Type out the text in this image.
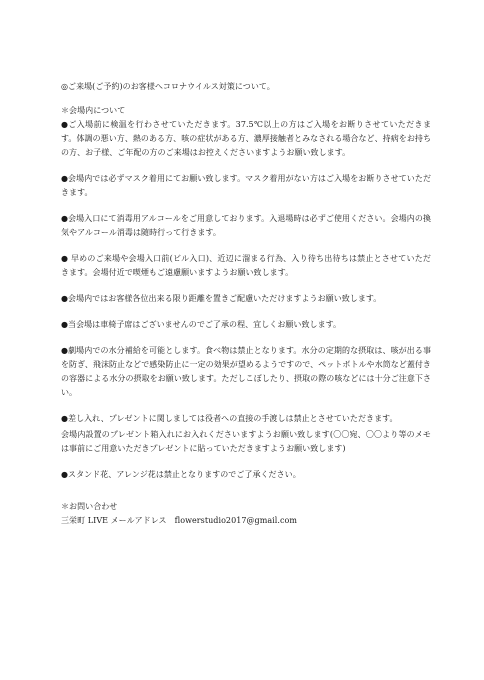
◎ご来場(ご予約)のお客様へコロナウイルス対策について。

＊会場内について

●ご入場前に検温を行わさせていただきます。37.5℃以上の方はご入場をお断りさせていただきます。体調の悪い方、熱のある方、咳の症状がある方、濃厚接触者とみなされる場合など、持病をお持ちの方、お子様、ご年配の方のご来場はお控えくださいますようお願い致します。

●会場内では必ずマスク着用にてお願い致します。マスク着用がない方はご入場をお断りさせていただきます。

●会場入口にて消毒用アルコールをご用意しております。入退場時は必ずご使用ください。会場内の換気やアルコール消毒は随時行って行きます。

● 早めのご来場や会場入口前(ビル入口)、近辺に溜まる行為、入り待ち出待ちは禁止とさせていただきます。会場付近で喫煙もご遠慮願いますようお願い致します。

●会場内ではお客様各位出来る限り距離を置きご配慮いただけますようお願い致します。

●当会場は車椅子席はございませんのでご了承の程、宜しくお願い致します。

●劇場内での水分補給を可能とします。食べ物は禁止となります。水分の定期的な摂取は、咳が出る事を防ぎ、飛沫防止などで感染防止に一定の効果が望めるようですので、ペットボトルや水筒など蓋付きの容器による水分の摂取をお願い致します。ただしこぼしたり、摂取の際の咳などには十分ご注意下さい。

●差し入れ、プレゼントに関しましては役者への直接の手渡しは禁止とさせていただきます。

会場内設置のプレゼント箱入れにお入れくださいますようお願い致します(〇〇宛、〇〇より等のメモは事前にご用意いただきプレゼントに貼っていただきますようお願い致します)

●スタンド花、アレンジ花は禁止となりますのでご了承ください。

＊お問い合わせ

三栄町 LIVE メールアドレス　flowerstudio2017@gmail.com
